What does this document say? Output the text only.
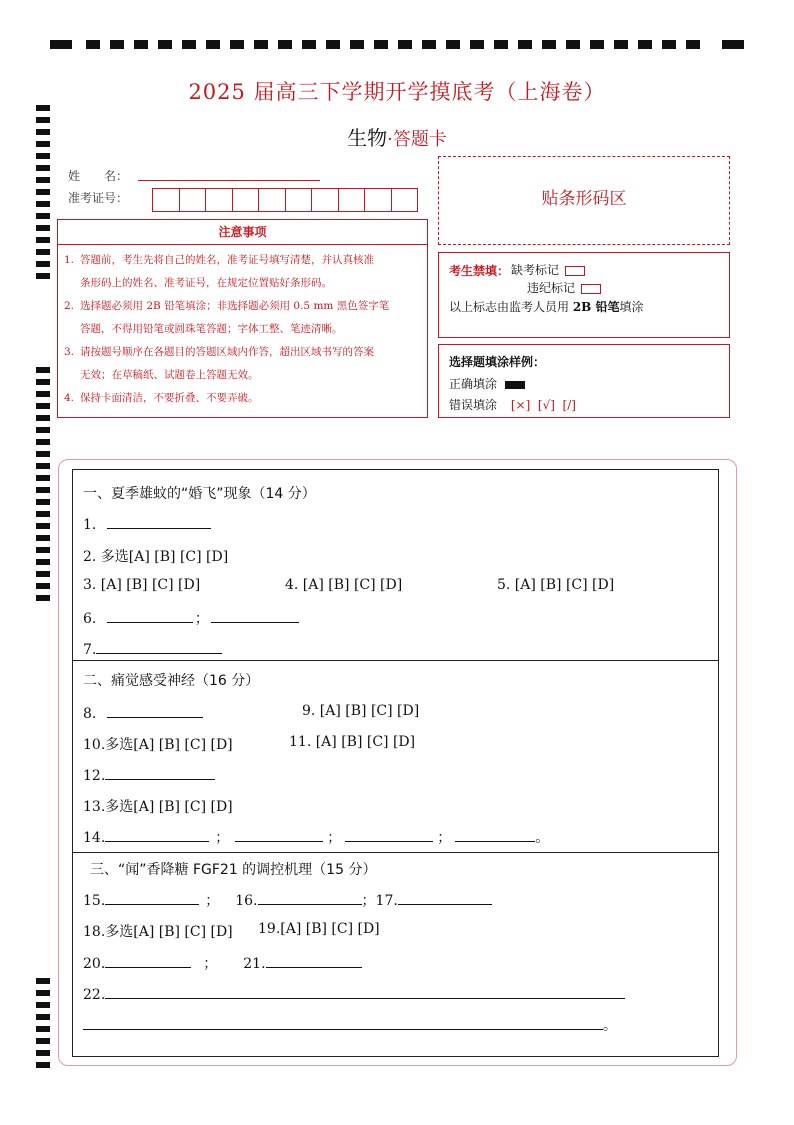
2025 届高三下学期开学摸底考（上海卷）
生物·答题卡
姓　　名：
准考证号：
注意事项
1. 答题前，考生先将自己的姓名，准考证号填写清楚，并认真核准
条形码上的姓名、准考证号，在规定位置贴好条形码。
2. 选择题必须用 2B 铅笔填涂；非选择题必须用 0.5 mm 黑色签字笔
答题，不得用铅笔或圆珠笔答题；字体工整、笔迹清晰。
3. 请按题号顺序在各题目的答题区域内作答，超出区域书写的答案
无效；在草稿纸、试题卷上答题无效。
4. 保持卡面清洁，不要折叠、不要弄破。
贴条形码区
考生禁填： 缺考标记
违纪标记
以上标志由监考人员用 2B 铅笔填涂
选择题填涂样例：
正确填涂
错误填涂 [×]  [√]  [/]
一、夏季雄蚊的“婚飞”现象（14 分）
1.
2. 多选[A] [B] [C] [D]
3. [A] [B] [C] [D]	4. [A] [B] [C] [D]	5. [A] [B] [C] [D]
6.	；
7.
二、痛觉感受神经（16 分）
8.	9. [A] [B] [C] [D]
10.多选[A] [B] [C] [D]	11. [A] [B] [C] [D]
12.
13.多选[A] [B] [C] [D]
14.	；	；	；	。
三、“闻”香降糖 FGF21 的调控机理（15 分）
15.	； 16.	；17.
18.多选[A] [B] [C] [D] 19.[A] [B] [C] [D]
20.	； 21.
22.
。
